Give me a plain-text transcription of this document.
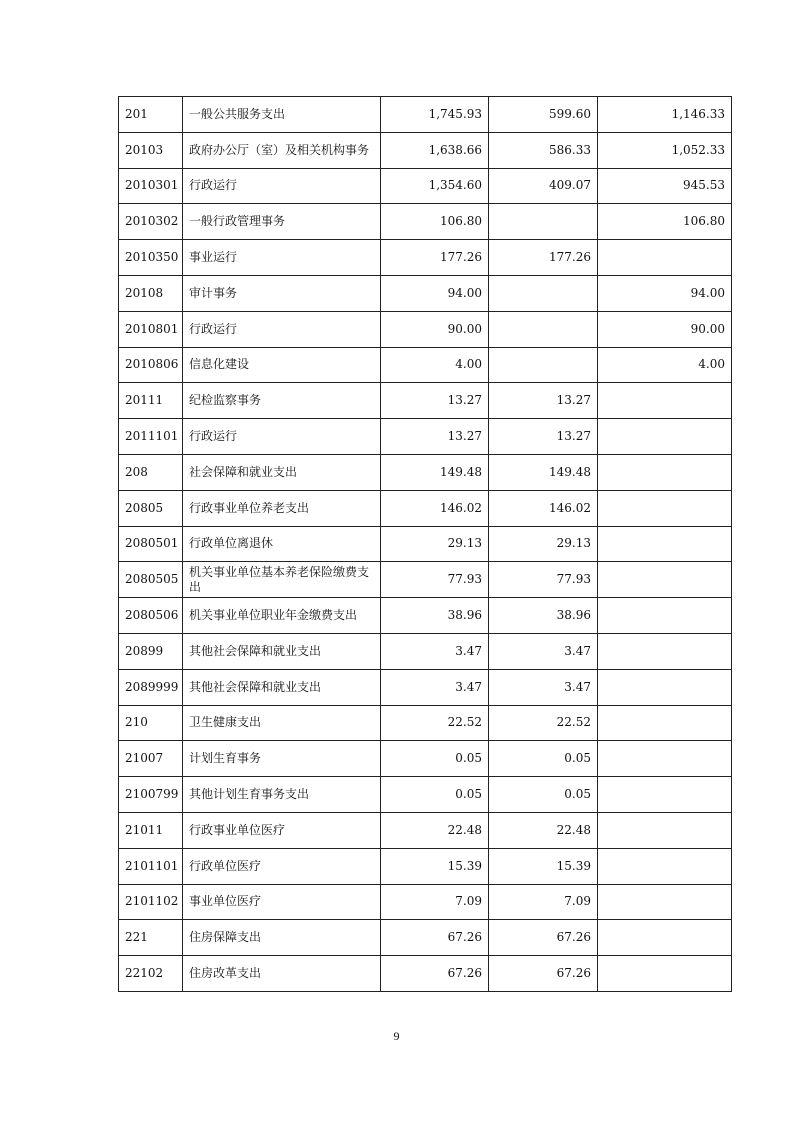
201	一般公共服务支出	1,745.93	599.60	1,146.33
20103	政府办公厅（室）及相关机构事务	1,638.66	586.33	1,052.33
2010301	行政运行	1,354.60	409.07	945.53
2010302	一般行政管理事务	106.80		106.80
2010350	事业运行	177.26	177.26	
20108	审计事务	94.00		94.00
2010801	行政运行	90.00		90.00
2010806	信息化建设	4.00		4.00
20111	纪检监察事务	13.27	13.27	
2011101	行政运行	13.27	13.27	
208	社会保障和就业支出	149.48	149.48	
20805	行政事业单位养老支出	146.02	146.02	
2080501	行政单位离退休	29.13	29.13	
2080505	机关事业单位基本养老保险缴费支出	77.93	77.93	
2080506	机关事业单位职业年金缴费支出	38.96	38.96	
20899	其他社会保障和就业支出	3.47	3.47	
2089999	其他社会保障和就业支出	3.47	3.47	
210	卫生健康支出	22.52	22.52	
21007	计划生育事务	0.05	0.05	
2100799	其他计划生育事务支出	0.05	0.05	
21011	行政事业单位医疗	22.48	22.48	
2101101	行政单位医疗	15.39	15.39	
2101102	事业单位医疗	7.09	7.09	
221	住房保障支出	67.26	67.26	
22102	住房改革支出	67.26	67.26	
9
